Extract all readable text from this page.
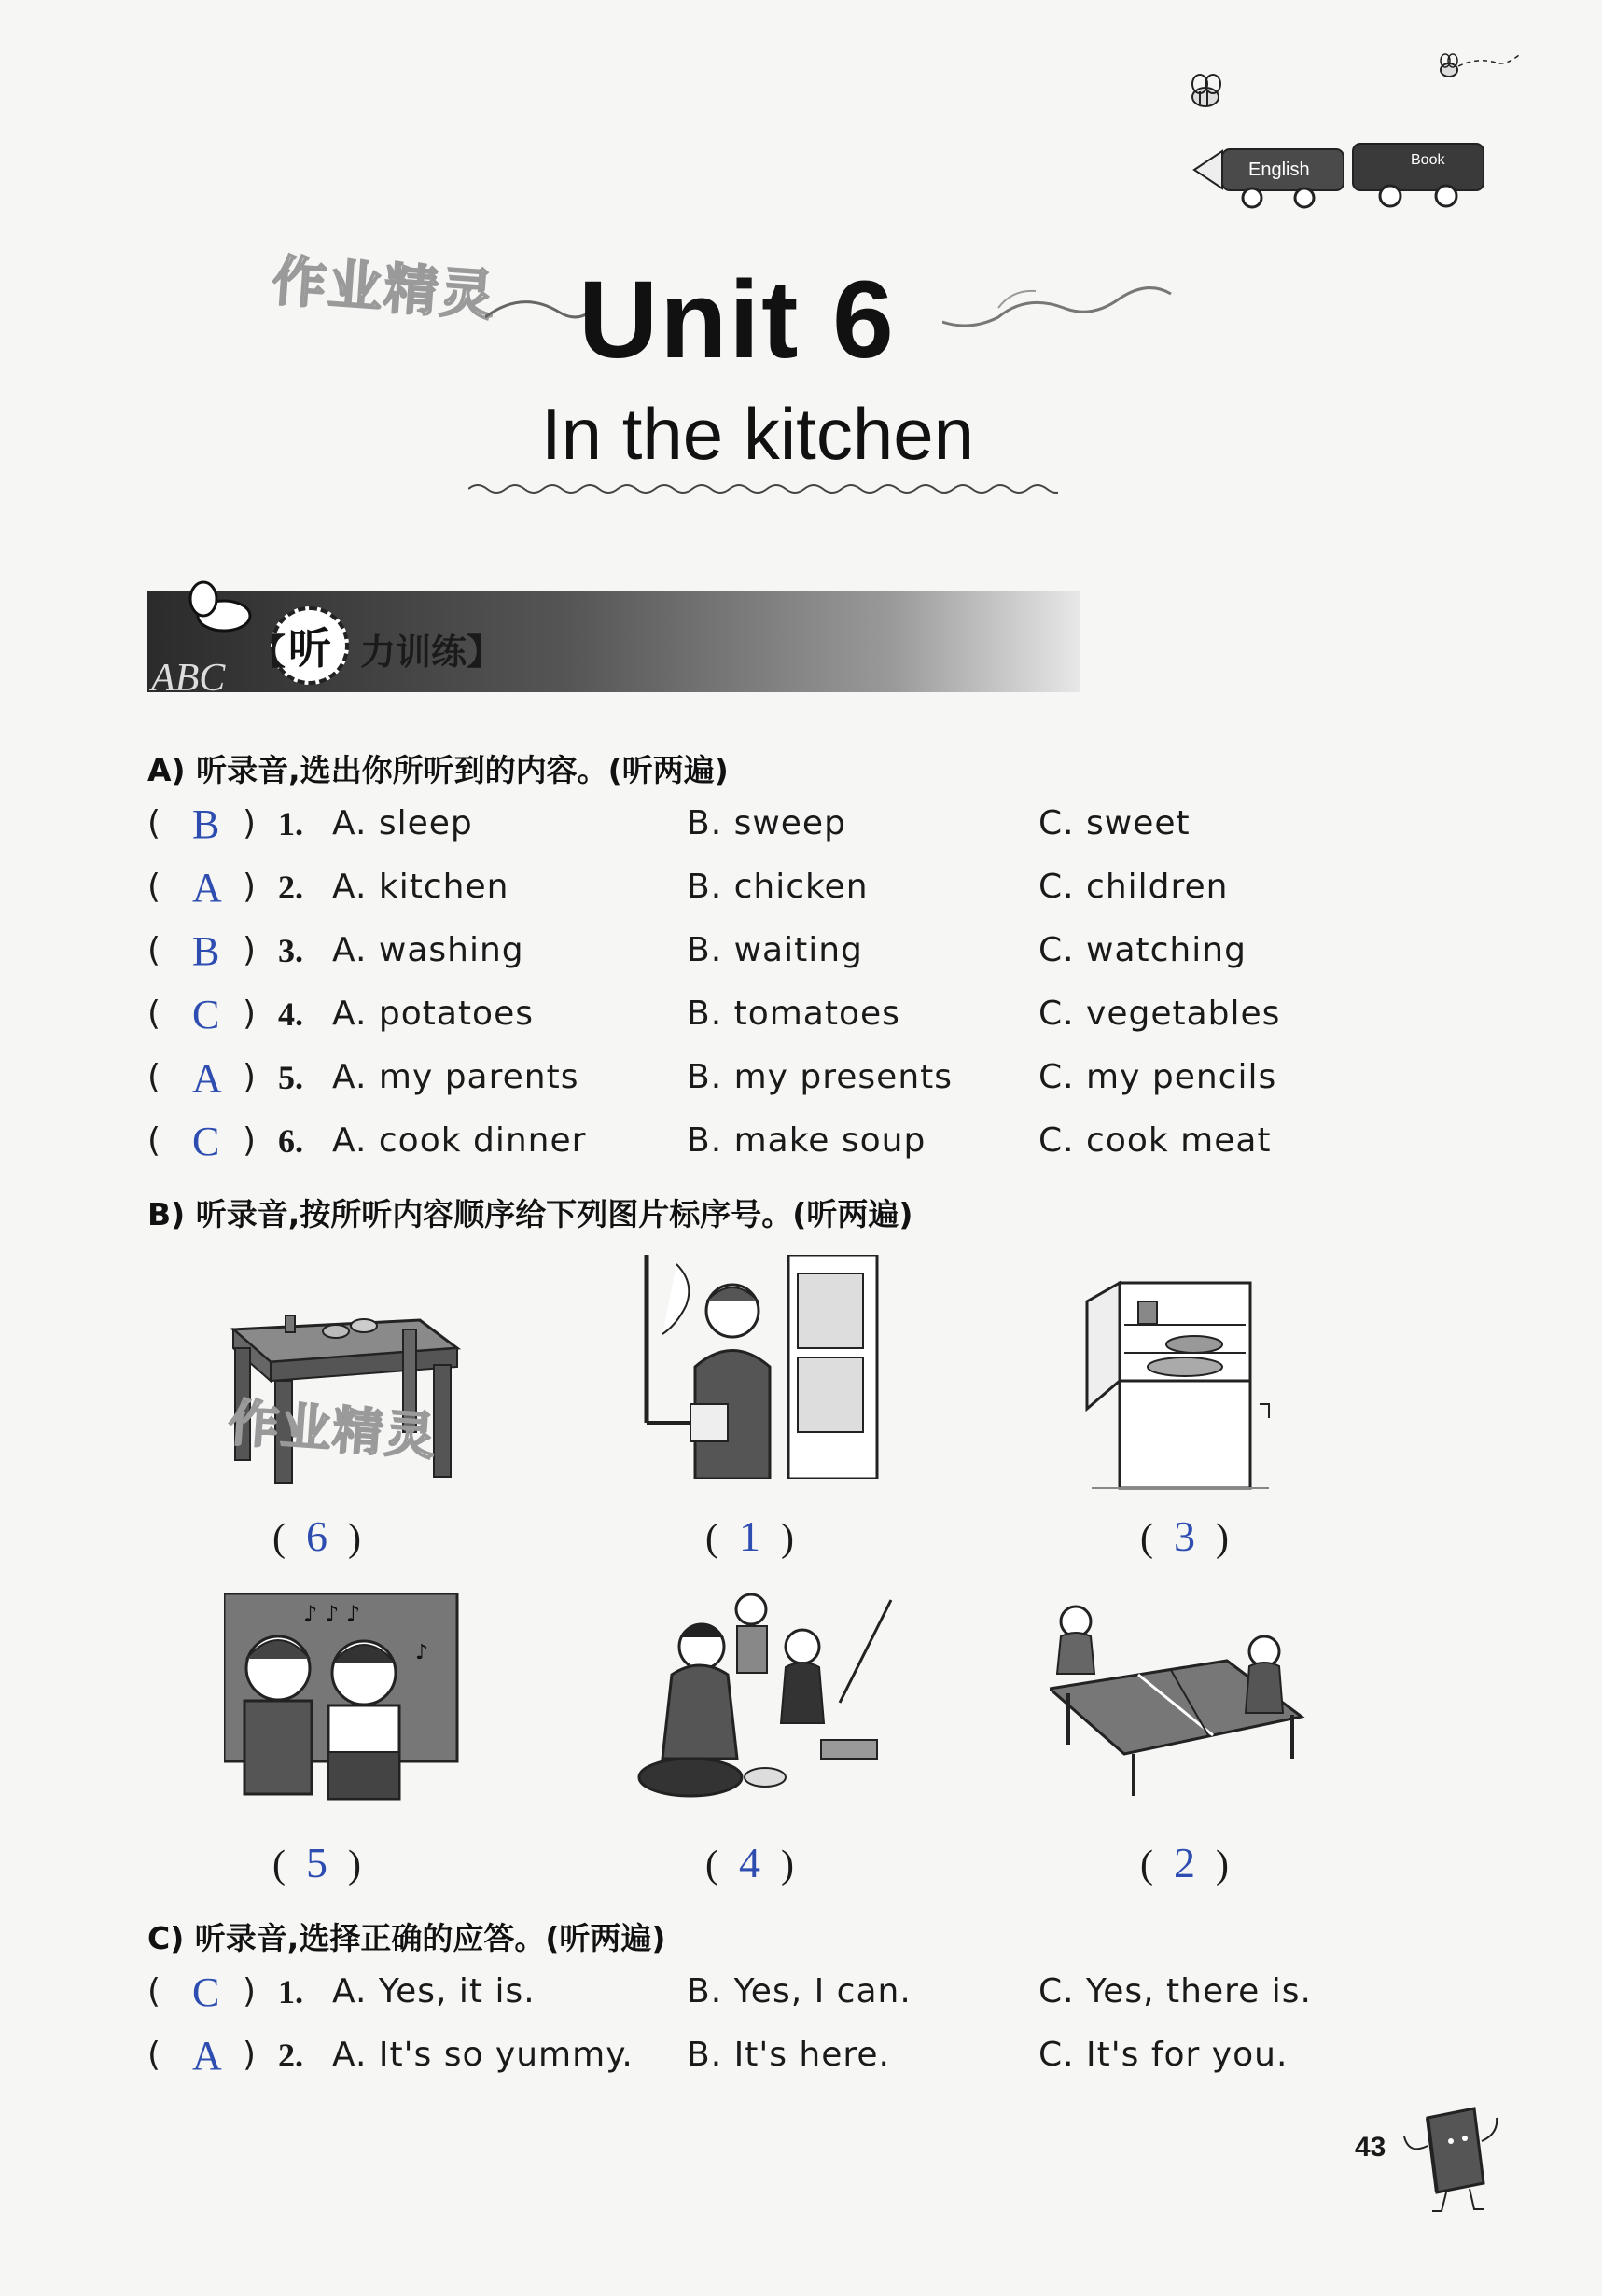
English	Book
作业精灵 Unit 6
In the kitchen
ABC
听
【 力训练】
A) 听录音,选出你所听到的内容。(听两遍)
( B ) 1. A. sleep	B. sweep	C. sweet
( A ) 2. A. kitchen	B. chicken	C. children
( B ) 3. A. washing	B. waiting	C. watching
( C ) 4. A. potatoes	B. tomatoes	C. vegetables
( A ) 5. A. my parents	B. my presents	C. my pencils
( C ) 6. A. cook dinner	B. make soup	C. cook meat
B) 听录音,按所听内容顺序给下列图片标序号。(听两遍)
作业精灵
( 6 )	( 1 )	( 3 )
♪ ♪ ♪
♪
( 5 )	( 4 )	( 2 )
C) 听录音,选择正确的应答。(听两遍)
( C ) 1. A. Yes, it is.	B. Yes, I can.	C. Yes, there is.
( A ) 2. A. It's so yummy. B. It's here.	C. It's for you.
43
